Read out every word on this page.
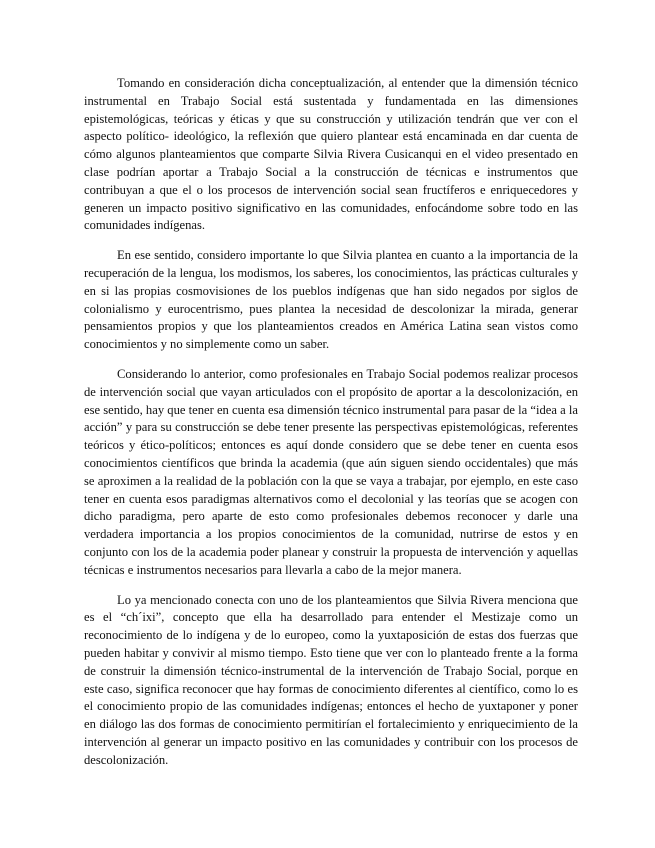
Tomando en consideración dicha conceptualización, al entender que la dimensión técnico instrumental en Trabajo Social está sustentada y fundamentada en las dimensiones epistemológicas, teóricas y éticas y que su construcción y utilización tendrán que ver con el aspecto político- ideológico, la reflexión que quiero plantear está encaminada en dar cuenta de cómo algunos planteamientos que comparte Silvia Rivera Cusicanqui en el video presentado en clase podrían aportar a Trabajo Social a la construcción de técnicas e instrumentos que contribuyan a que el o los procesos de intervención social sean fructíferos e enriquecedores y generen un impacto positivo significativo en las comunidades, enfocándome sobre todo en las comunidades indígenas.

En ese sentido, considero importante lo que Silvia plantea en cuanto a la importancia de la recuperación de la lengua, los modismos, los saberes, los conocimientos, las prácticas culturales y en si las propias cosmovisiones de los pueblos indígenas que han sido negados por siglos de colonialismo y eurocentrismo, pues plantea la necesidad de descolonizar la mirada, generar pensamientos propios y que los planteamientos creados en América Latina sean vistos como conocimientos y no simplemente como un saber.

Considerando lo anterior, como profesionales en Trabajo Social podemos realizar procesos de intervención social que vayan articulados con el propósito de aportar a la descolonización, en ese sentido, hay que tener en cuenta esa dimensión técnico instrumental para pasar de la “idea a la acción” y para su construcción se debe tener presente las perspectivas epistemológicas, referentes teóricos y ético-políticos; entonces es aquí donde considero que se debe tener en cuenta esos conocimientos científicos que brinda la academia (que aún siguen siendo occidentales) que más se aproximen a la realidad de la población con la que se vaya a trabajar, por ejemplo, en este caso tener en cuenta esos paradigmas alternativos como el decolonial y las teorías que se acogen con dicho paradigma, pero aparte de esto como profesionales debemos reconocer y darle una verdadera importancia a los propios conocimientos de la comunidad, nutrirse de estos y en conjunto con los de la academia poder planear y construir la propuesta de intervención y aquellas técnicas e instrumentos necesarios para llevarla a cabo de la mejor manera.

Lo ya mencionado conecta con uno de los planteamientos que Silvia Rivera menciona que es el “ch´ixi”, concepto que ella ha desarrollado para entender el Mestizaje como un reconocimiento de lo indígena y de lo europeo, como la yuxtaposición de estas dos fuerzas que pueden habitar y convivir al mismo tiempo. Esto tiene que ver con lo planteado frente a la forma de construir la dimensión técnico-instrumental de la intervención de Trabajo Social, porque en este caso, significa reconocer que hay formas de conocimiento diferentes al científico, como lo es el conocimiento propio de las comunidades indígenas; entonces el hecho de yuxtaponer y poner en diálogo las dos formas de conocimiento permitirían el fortalecimiento y enriquecimiento de la intervención al generar un impacto positivo en las comunidades y contribuir con los procesos de descolonización.
